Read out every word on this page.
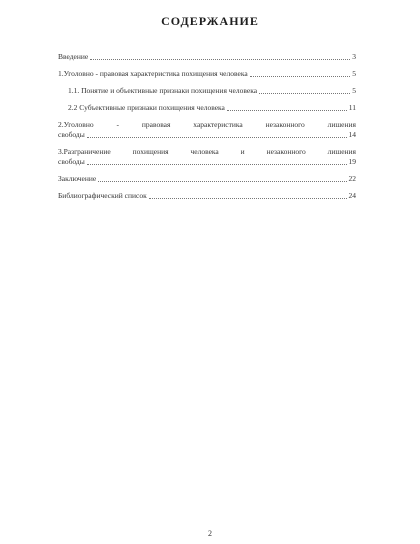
СОДЕРЖАНИЕ
Введение	3
1.Уголовно - правовая характеристика похищения человека	5
1.1. Понятие и объективные признаки похищения человека	5
2.2 Субъективные признаки похищения человека	11
2.Уголовно - правовая характеристика незаконного лишения
свободы	14
3.Разграничение похищения человека и незаконного лишения
свободы	19
Заключение	22
Библиографический список	24
2
